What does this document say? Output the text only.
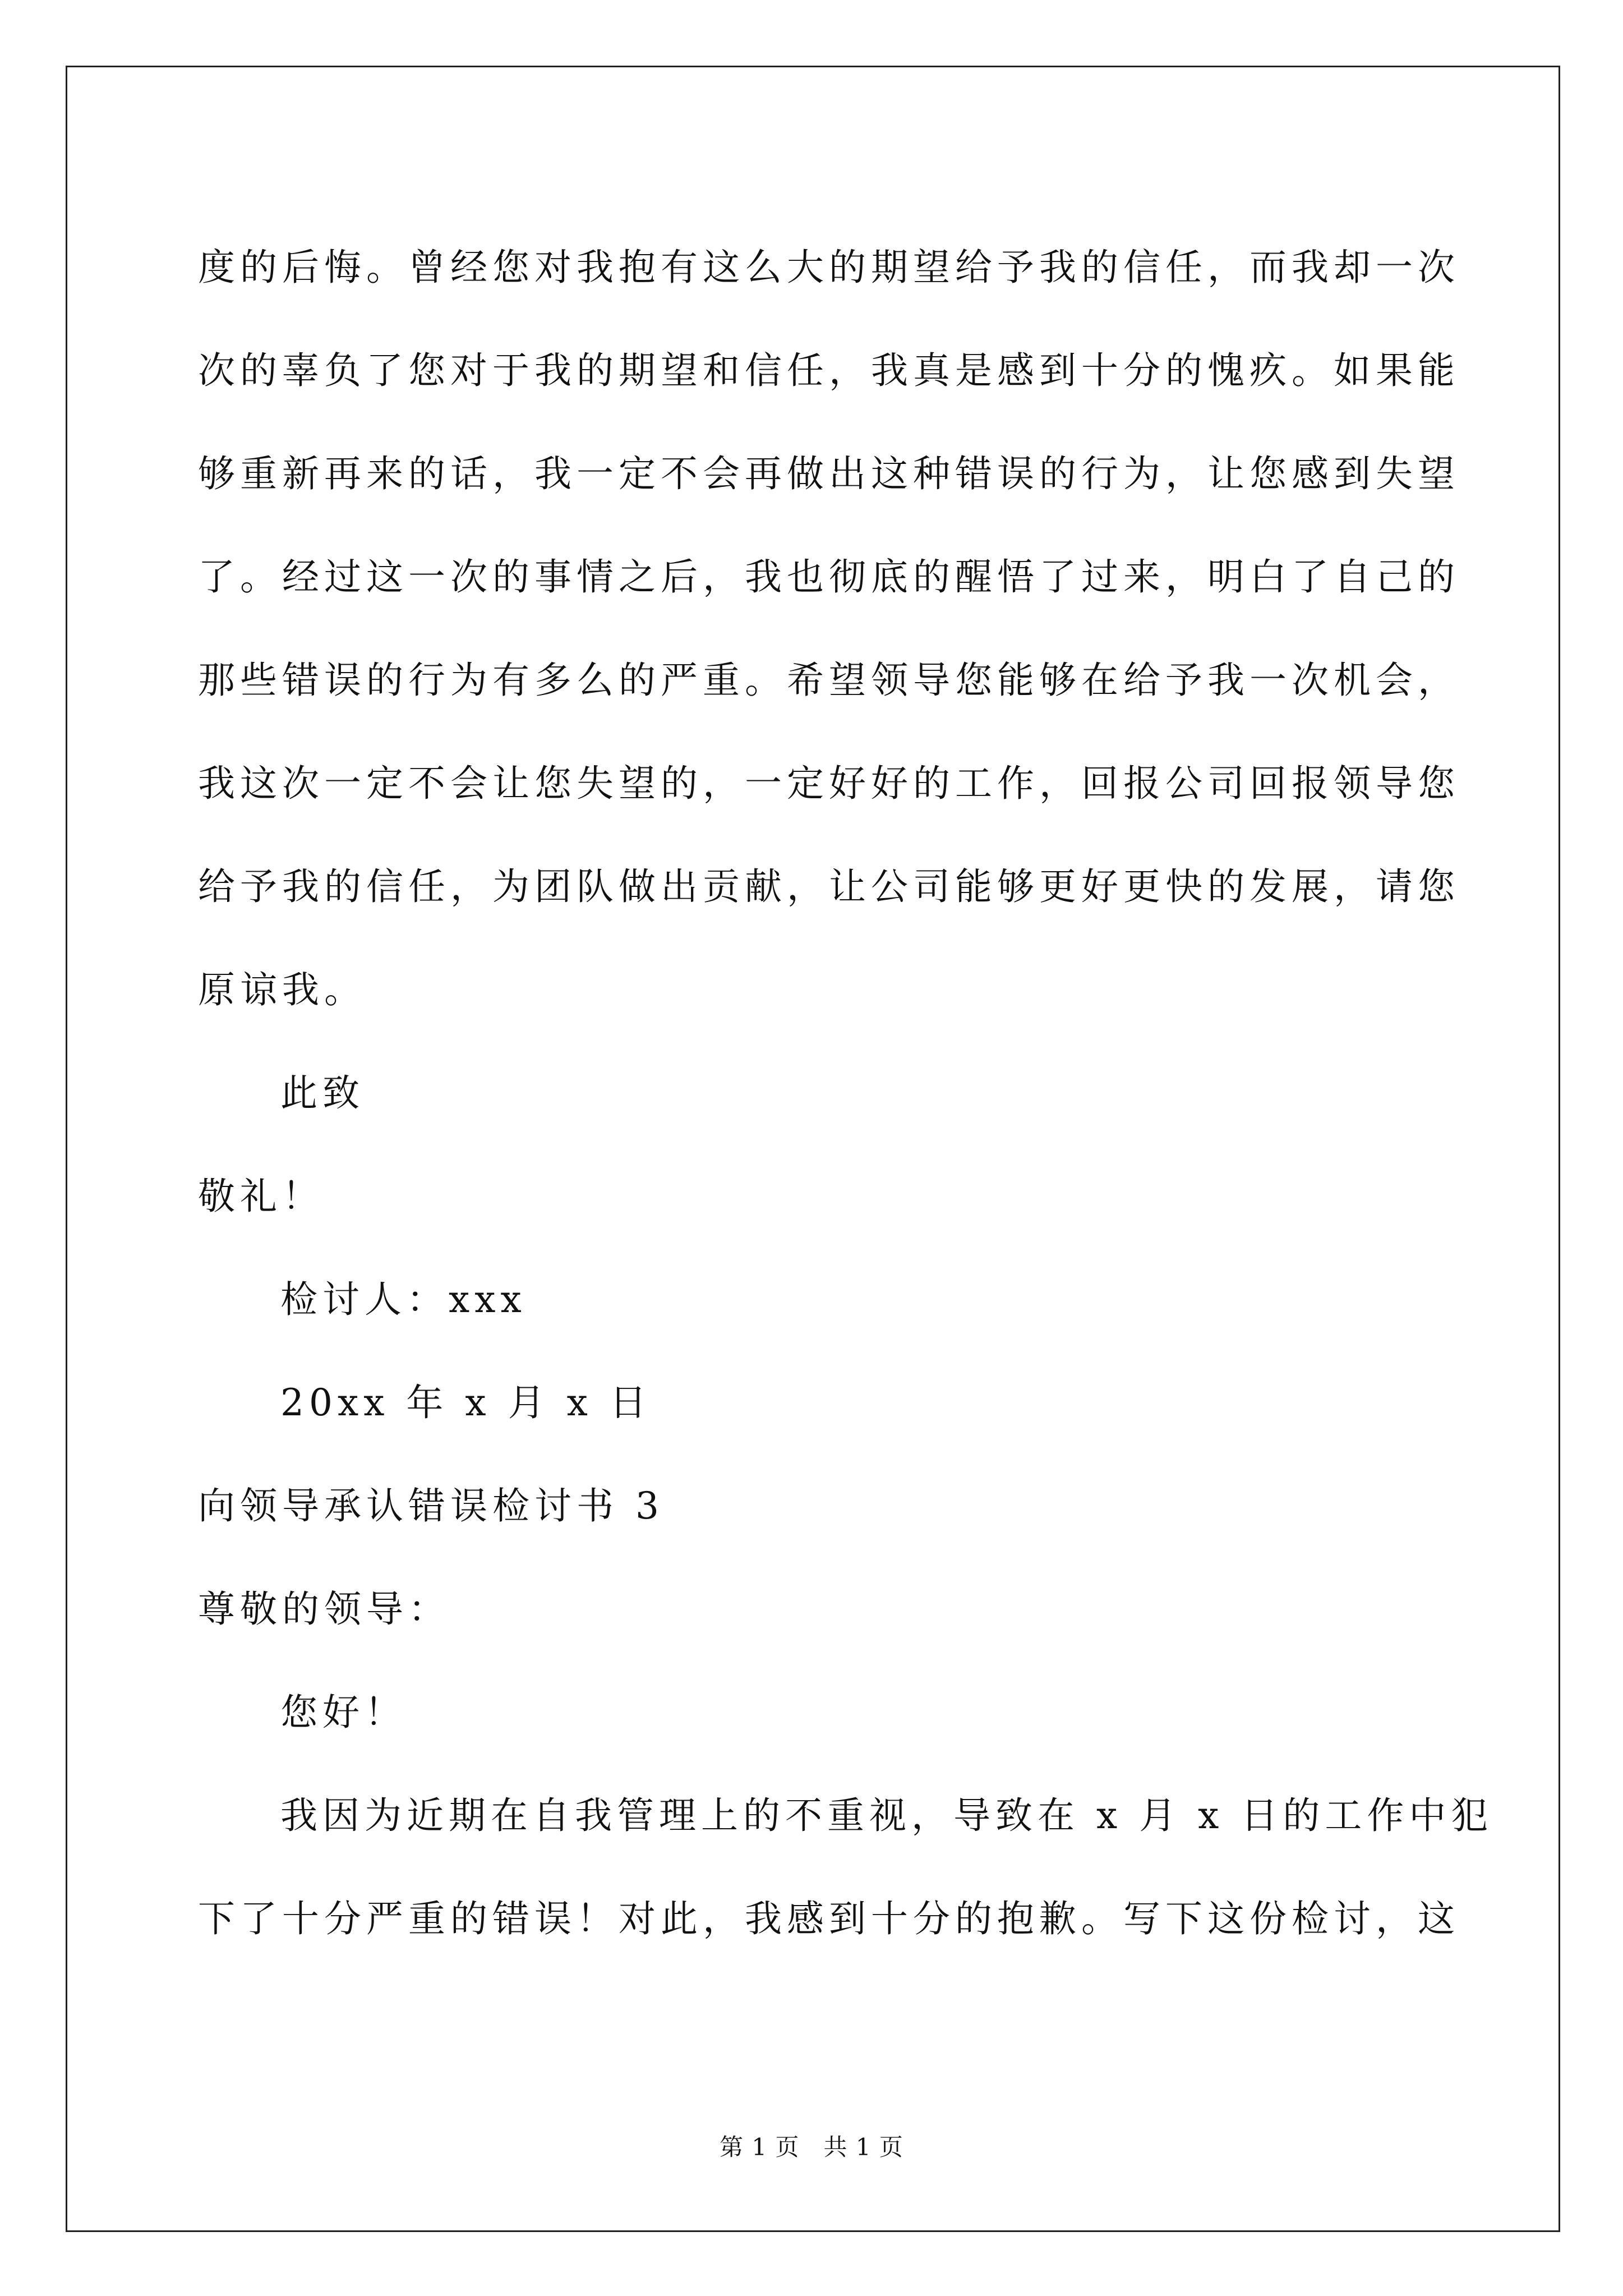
度的后悔。曾经您对我抱有这么大的期望给予我的信任，而我却一次
次的辜负了您对于我的期望和信任，我真是感到十分的愧疚。如果能
够重新再来的话，我一定不会再做出这种错误的行为，让您感到失望
了。经过这一次的事情之后，我也彻底的醒悟了过来，明白了自己的
那些错误的行为有多么的严重。希望领导您能够在给予我一次机会，
我这次一定不会让您失望的，一定好好的工作，回报公司回报领导您
给予我的信任，为团队做出贡献，让公司能够更好更快的发展，请您
原谅我。
此致
敬礼！
检讨人：xxx
20xx 年 x 月 x 日
向领导承认错误检讨书 3
尊敬的领导：
您好！
我因为近期在自我管理上的不重视，导致在 x 月 x 日的工作中犯
下了十分严重的错误！对此，我感到十分的抱歉。写下这份检讨，这
第 1 页　共 1 页
